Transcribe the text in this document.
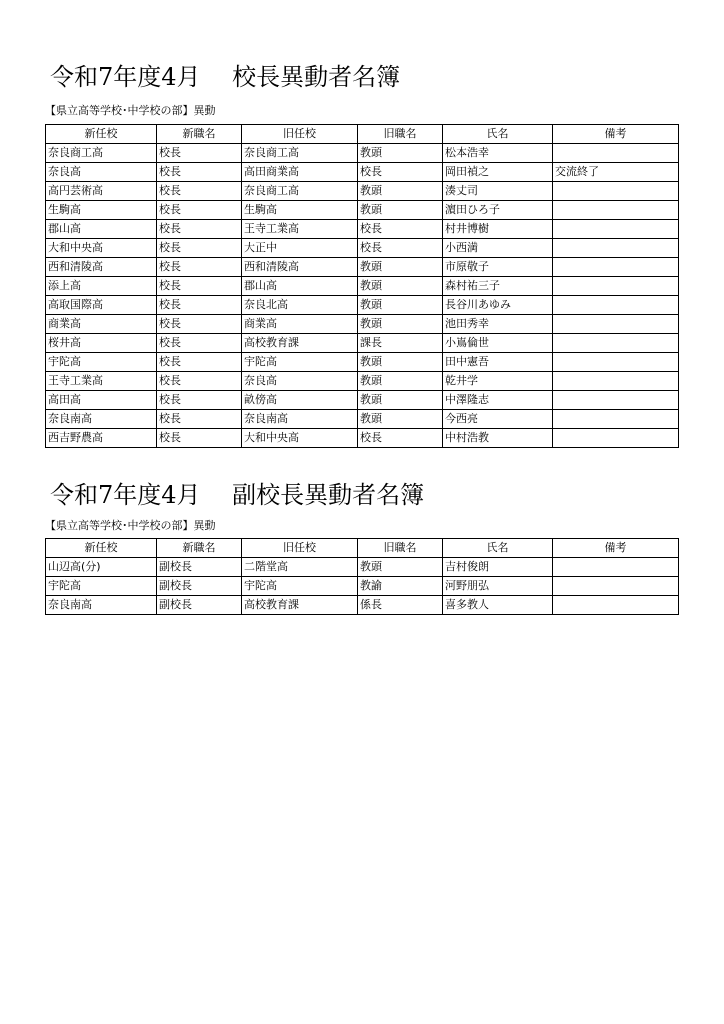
令和7年度4月　 校長異動者名簿
【県立高等学校･中学校の部】異動
新任校	新職名	旧任校	旧職名	氏名	備考
奈良商工高	校長	奈良商工高	教頭	松本浩幸	
奈良高	校長	高田商業高	校長	岡田禎之	交流終了
高円芸術高	校長	奈良商工高	教頭	湊丈司	
生駒高	校長	生駒高	教頭	濵田ひろ子	
郡山高	校長	王寺工業高	校長	村井博樹	
大和中央高	校長	大正中	校長	小西満	
西和清陵高	校長	西和清陵高	教頭	市原敬子	
添上高	校長	郡山高	教頭	森村祐三子	
高取国際高	校長	奈良北高	教頭	長谷川あゆみ	
商業高	校長	商業高	教頭	池田秀幸	
桜井高	校長	高校教育課	課長	小嶌倫世	
宇陀高	校長	宇陀高	教頭	田中憲吾	
王寺工業高	校長	奈良高	教頭	乾井学	
高田高	校長	畝傍高	教頭	中澤隆志	
奈良南高	校長	奈良南高	教頭	今西亮	
西吉野農高	校長	大和中央高	校長	中村浩教	
令和7年度4月　 副校長異動者名簿
【県立高等学校･中学校の部】異動
新任校	新職名	旧任校	旧職名	氏名	備考
山辺高(分)	副校長	二階堂高	教頭	吉村俊朗	
宇陀高	副校長	宇陀高	教諭	河野朋弘	
奈良南高	副校長	高校教育課	係長	喜多教人	
